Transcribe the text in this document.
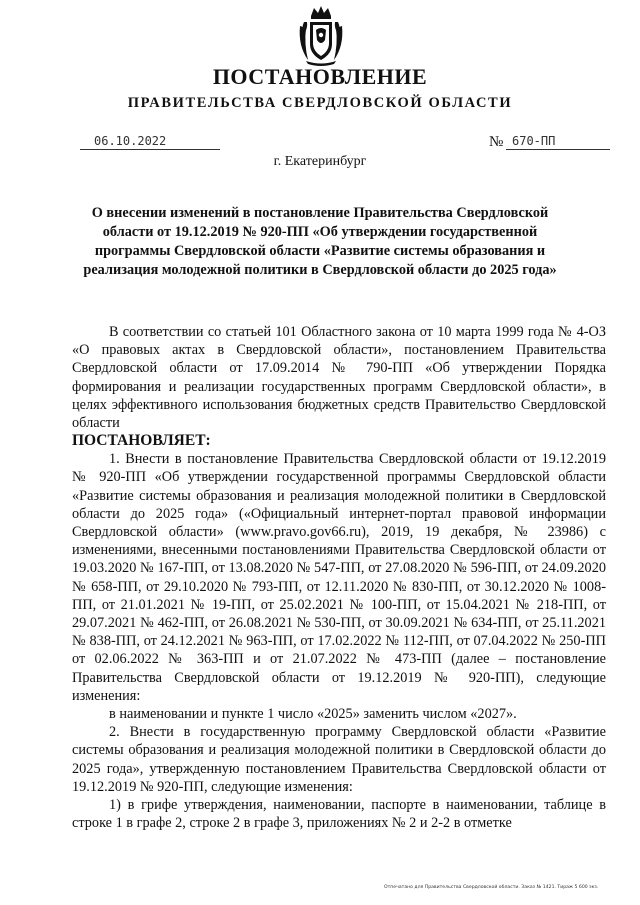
ПОСТАНОВЛЕНИЕ
ПРАВИТЕЛЬСТВА СВЕРДЛОВСКОЙ ОБЛАСТИ
06.10.2022	№ 670-ПП
г. Екатеринбург
О внесении изменений в постановление Правительства Свердловской области от 19.12.2019 № 920-ПП «Об утверждении государственной программы Свердловской области «Развитие системы образования и реализация молодежной политики в Свердловской области до 2025 года»

В соответствии со статьей 101 Областного закона от 10 марта 1999 года № 4-ОЗ «О правовых актах в Свердловской области», постановлением Правительства Свердловской области от 17.09.2014 № 790-ПП «Об утверждении Порядка формирования и реализации государственных программ Свердловской области», в целях эффективного использования бюджетных средств Правительство Свердловской области

ПОСТАНОВЛЯЕТ:

1. Внести в постановление Правительства Свердловской области от 19.12.2019 № 920-ПП «Об утверждении государственной программы Свердловской области «Развитие системы образования и реализация молодежной политики в Свердловской области до 2025 года» («Официальный интернет-портал правовой информации Свердловской области» (www.pravo.gov66.ru), 2019, 19 декабря, № 23986) с изменениями, внесенными постановлениями Правительства Свердловской области от 19.03.2020 № 167-ПП, от 13.08.2020 № 547-ПП, от 27.08.2020 № 596-ПП, от 24.09.2020 № 658-ПП, от 29.10.2020 № 793-ПП, от 12.11.2020 № 830-ПП, от 30.12.2020 № 1008-ПП, от 21.01.2021 № 19-ПП, от 25.02.2021 № 100-ПП, от 15.04.2021 № 218-ПП, от 29.07.2021 № 462-ПП, от 26.08.2021 № 530-ПП, от 30.09.2021 № 634-ПП, от 25.11.2021 № 838-ПП, от 24.12.2021 № 963-ПП, от 17.02.2022 № 112-ПП, от 07.04.2022 № 250-ПП от 02.06.2022 № 363-ПП и от 21.07.2022 № 473-ПП (далее – постановление Правительства Свердловской области от 19.12.2019 № 920-ПП), следующие изменения:

в наименовании и пункте 1 число «2025» заменить числом «2027».

2. Внести в государственную программу Свердловской области «Развитие системы образования и реализация молодежной политики в Свердловской области до 2025 года», утвержденную постановлением Правительства Свердловской области от 19.12.2019 № 920-ПП, следующие изменения:

1) в грифе утверждения, наименовании, паспорте в наименовании, таблице в строке 1 в графе 2, строке 2 в графе 3, приложениях № 2 и 2-2 в отметке

Отпечатано для Правительства Свердловской области. Заказ № 1421. Тираж 5 600 экз.
